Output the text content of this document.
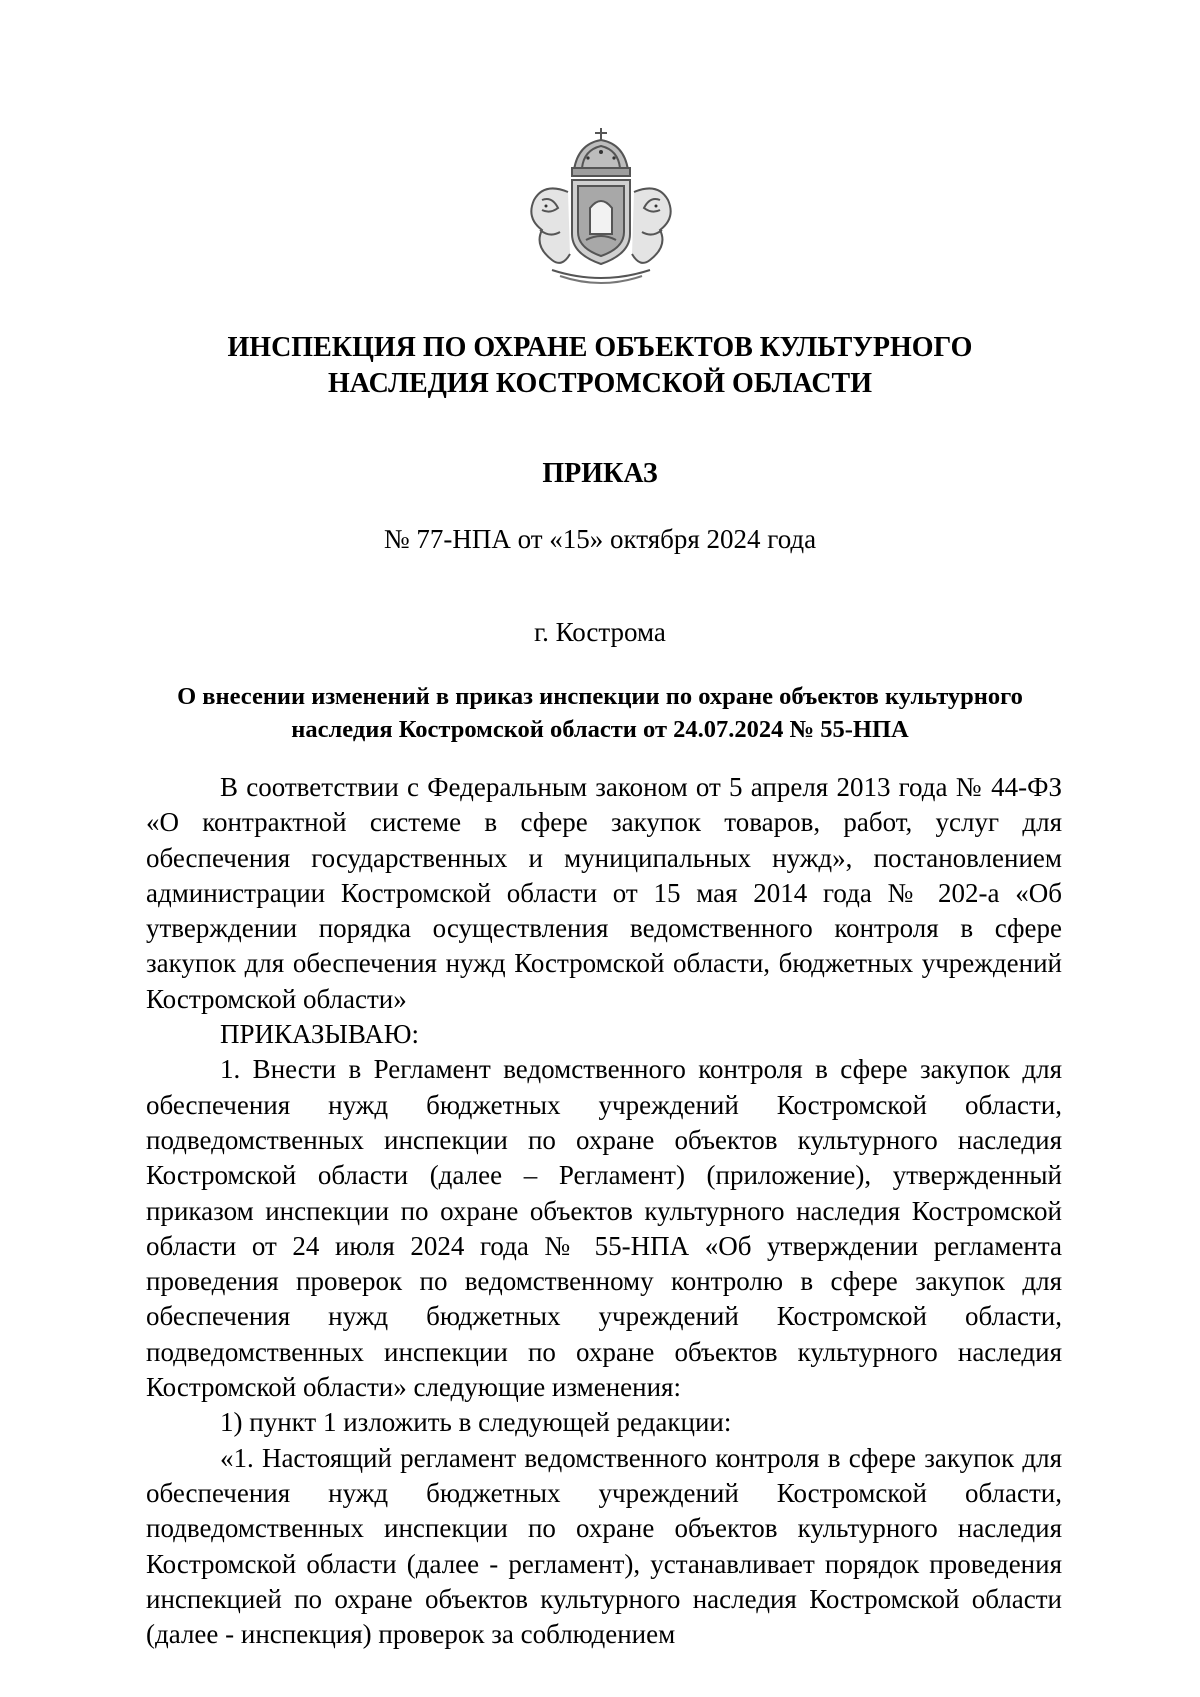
ИНСПЕКЦИЯ ПО ОХРАНЕ ОБЪЕКТОВ КУЛЬТУРНОГО
НАСЛЕДИЯ КОСТРОМСКОЙ ОБЛАСТИ
ПРИКАЗ
№ 77-НПА от «15» октября 2024 года
г. Кострома
О внесении изменений в приказ инспекции по охране объектов культурного
наследия Костромской области от 24.07.2024 № 55-НПА

В соответствии с Федеральным законом от 5 апреля 2013 года № 44-ФЗ «О контрактной системе в сфере закупок товаров, работ, услуг для обеспечения государственных и муниципальных нужд», постановлением администрации Костромской области от 15 мая 2014 года № 202-а «Об утверждении порядка осуществления ведомственного контроля в сфере закупок для обеспечения нужд Костромской области, бюджетных учреждений Костромской области»

ПРИКАЗЫВАЮ:

1. Внести в Регламент ведомственного контроля в сфере закупок для обеспечения нужд бюджетных учреждений Костромской области, подведомственных инспекции по охране объектов культурного наследия Костромской области (далее – Регламент) (приложение), утвержденный приказом инспекции по охране объектов культурного наследия Костромской области от 24 июля 2024 года № 55-НПА «Об утверждении регламента проведения проверок по ведомственному контролю в сфере закупок для обеспечения нужд бюджетных учреждений Костромской области, подведомственных инспекции по охране объектов культурного наследия Костромской области» следующие изменения:

1) пункт 1 изложить в следующей редакции:

«1. Настоящий регламент ведомственного контроля в сфере закупок для обеспечения нужд бюджетных учреждений Костромской области, подведомственных инспекции по охране объектов культурного наследия Костромской области (далее - регламент), устанавливает порядок проведения инспекцией по охране объектов культурного наследия Костромской области (далее - инспекция) проверок за соблюдением
